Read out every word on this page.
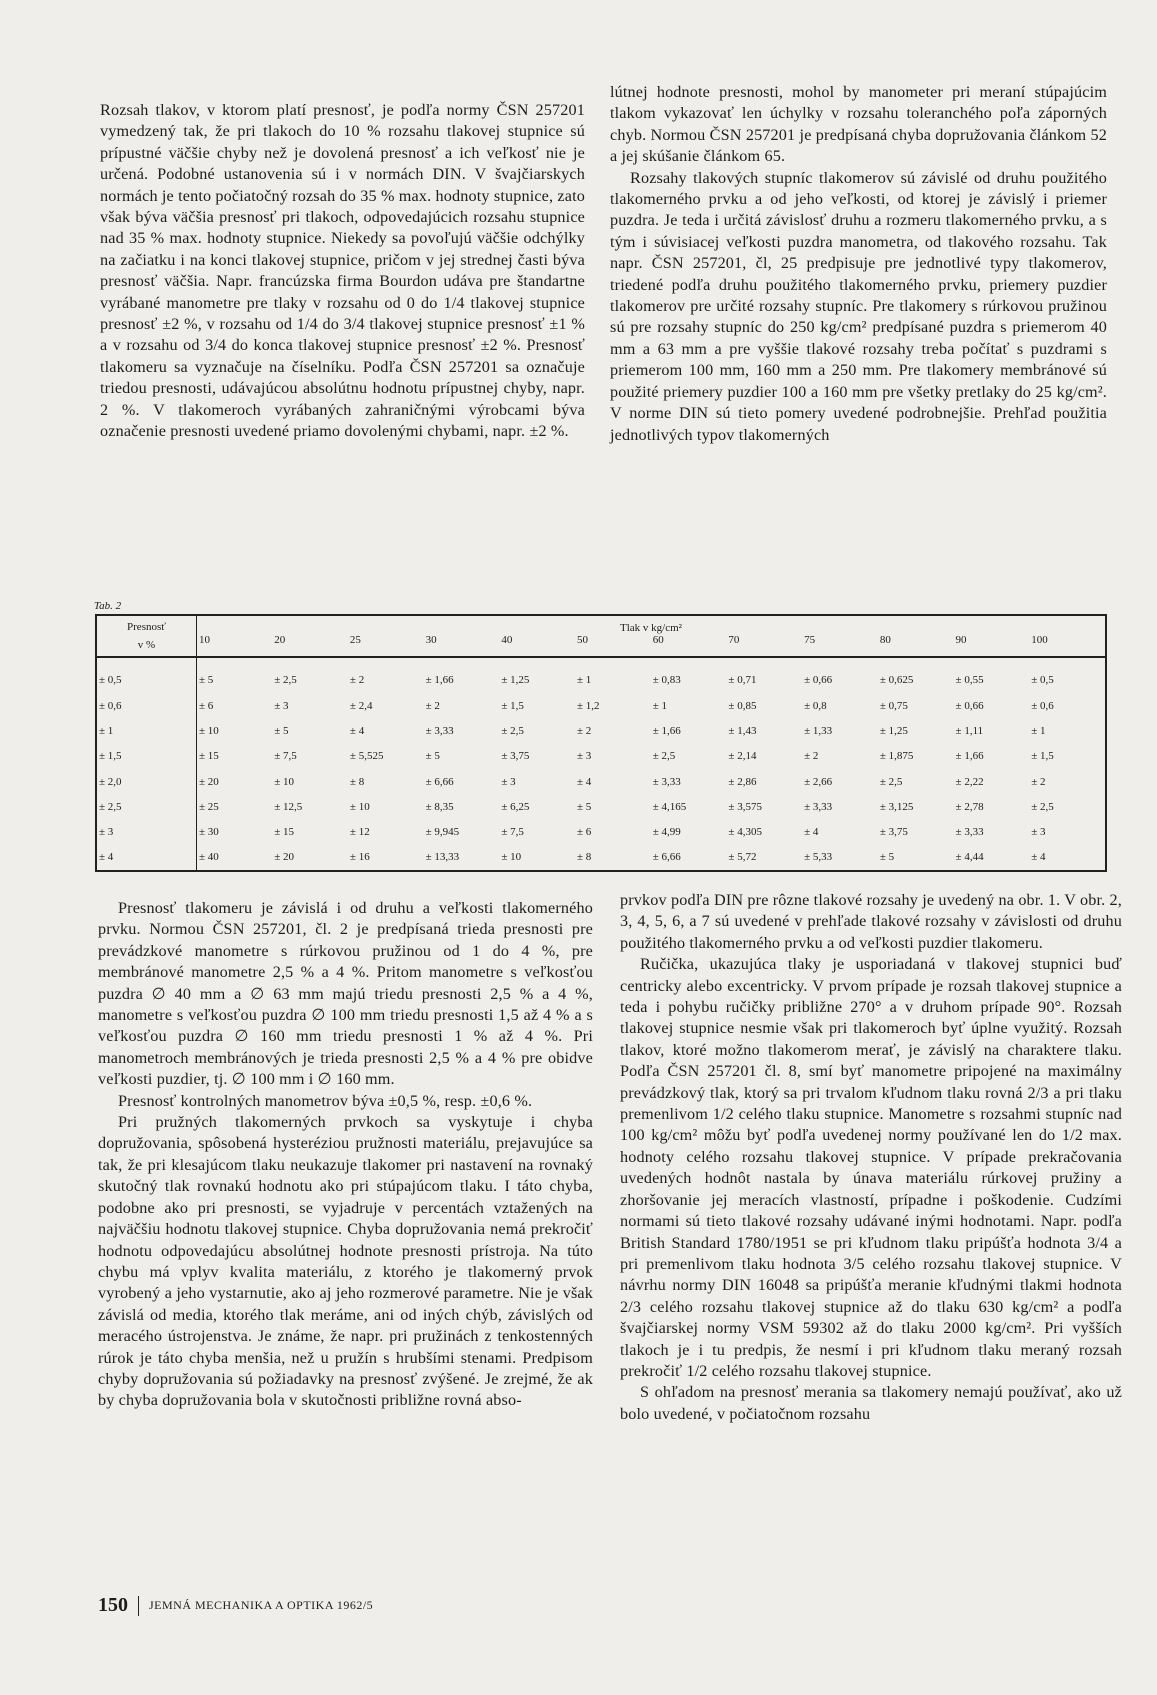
Rozsah tlakov, v ktorom platí presnosť, je podľa normy ČSN 257201 vymedzený tak, že pri tlakoch do 10 % rozsahu tlakovej stupnice sú prípustné väčšie chyby než je dovolená presnosť a ich veľkosť nie je určená. Podobné ustanovenia sú i v normách DIN. V švajčiarskych normách je tento počiatočný rozsah do 35 % max. hodnoty stupnice, zato však býva väčšia presnosť pri tlakoch, odpovedajúcich rozsahu stupnice nad 35 % max. hodnoty stupnice. Niekedy sa povoľujú väčšie odchýlky na začiatku i na konci tlakovej stupnice, pričom v jej strednej časti býva presnosť väčšia. Napr. francúzska firma Bourdon udáva pre štandartne vyrábané manometre pre tlaky v rozsahu od 0 do 1/4 tlakovej stupnice presnosť ±2 %, v rozsahu od 1/4 do 3/4 tlakovej stupnice presnosť ±1 % a v rozsahu od 3/4 do konca tlakovej stupnice presnosť ±2 %. Presnosť tlakomeru sa vyznačuje na číselníku. Podľa ČSN 257201 sa označuje triedou presnosti, udávajúcou absolútnu hodnotu prípustnej chyby, napr. 2 %. V tlakomeroch vyrábaných zahraničnými výrobcami býva označenie presnosti uvedené priamo dovolenými chybami, napr. ±2 %.

lútnej hodnote presnosti, mohol by manometer pri meraní stúpajúcim tlakom vykazovať len úchylky v rozsahu toleranchého poľa záporných chyb. Normou ČSN 257201 je predpísaná chyba dopružovania článkom 52 a jej skúšanie článkom 65.

Rozsahy tlakových stupníc tlakomerov sú závislé od druhu použitého tlakomerného prvku a od jeho veľkosti, od ktorej je závislý i priemer puzdra. Je teda i určitá závislosť druhu a rozmeru tlakomerného prvku, a s tým i súvisiacej veľkosti puzdra manometra, od tlakového rozsahu. Tak napr. ČSN 257201, čl, 25 predpisuje pre jednotlivé typy tlakomerov, triedené podľa druhu použitého tlakomerného prvku, priemery puzdier tlakomerov pre určité rozsahy stupníc. Pre tlakomery s rúrkovou pružinou sú pre rozsahy stupníc do 250 kg/cm² predpísané puzdra s priemerom 40 mm a 63 mm a pre vyššie tlakové rozsahy treba počítať s puzdrami s priemerom 100 mm, 160 mm a 250 mm. Pre tlakomery membránové sú použité priemery puzdier 100 a 160 mm pre všetky pretlaky do 25 kg/cm². V norme DIN sú tieto pomery uvedené podrobnejšie. Prehľad použitia jednotlivých typov tlakomerných

Tab. 2
Presnosť
v %	Tlak v kg/cm²											
	10	20	25	30	40	50	60	70	75	80	90	100
± 0,5	± 5	± 2,5	± 2	± 1,66	± 1,25	± 1	± 0,83	± 0,71	± 0,66	± 0,625	± 0,55	± 0,5
± 0,6	± 6	± 3	± 2,4	± 2	± 1,5	± 1,2	± 1	± 0,85	± 0,8	± 0,75	± 0,66	± 0,6
± 1	± 10	± 5	± 4	± 3,33	± 2,5	± 2	± 1,66	± 1,43	± 1,33	± 1,25	± 1,11	± 1
± 1,5	± 15	± 7,5	± 5,525	± 5	± 3,75	± 3	± 2,5	± 2,14	± 2	± 1,875	± 1,66	± 1,5
± 2,0	± 20	± 10	± 8	± 6,66	± 3	± 4	± 3,33	± 2,86	± 2,66	± 2,5	± 2,22	± 2
± 2,5	± 25	± 12,5	± 10	± 8,35	± 6,25	± 5	± 4,165	± 3,575	± 3,33	± 3,125	± 2,78	± 2,5
± 3	± 30	± 15	± 12	± 9,945	± 7,5	± 6	± 4,99	± 4,305	± 4	± 3,75	± 3,33	± 3
± 4	± 40	± 20	± 16	± 13,33	± 10	± 8	± 6,66	± 5,72	± 5,33	± 5	± 4,44	± 4

Presnosť tlakomeru je závislá i od druhu a veľkosti tlakomerného prvku. Normou ČSN 257201, čl. 2 je predpísaná trieda presnosti pre prevádzkové manometre s rúrkovou pružinou od 1 do 4 %, pre membránové manometre 2,5 % a 4 %. Pritom manometre s veľkosťou puzdra ∅ 40 mm a ∅ 63 mm majú triedu presnosti 2,5 % a 4 %, manometre s veľkosťou puzdra ∅ 100 mm triedu presnosti 1,5 až 4 % a s veľkosťou puzdra ∅ 160 mm triedu presnosti 1 % až 4 %. Pri manometroch membránových je trieda presnosti 2,5 % a 4 % pre obidve veľkosti puzdier, tj. ∅ 100 mm i ∅ 160 mm.

Presnosť kontrolných manometrov býva ±0,5 %, resp. ±0,6 %.

Pri pružných tlakomerných prvkoch sa vyskytuje i chyba dopružovania, spôsobená hysteréziou pružnosti materiálu, prejavujúce sa tak, že pri klesajúcom tlaku neukazuje tlakomer pri nastavení na rovnaký skutočný tlak rovnakú hodnotu ako pri stúpajúcom tlaku. I táto chyba, podobne ako pri presnosti, se vyjadruje v percentách vztažených na najväčšiu hodnotu tlakovej stupnice. Chyba dopružovania nemá prekročiť hodnotu odpovedajúcu absolútnej hodnote presnosti prístroja. Na túto chybu má vplyv kvalita materiálu, z ktorého je tlakomerný prvok vyrobený a jeho vystarnutie, ako aj jeho rozmerové parametre. Nie je však závislá od media, ktorého tlak meráme, ani od iných chýb, závislých od meracého ústrojenstva. Je známe, že napr. pri pružinách z tenkostenných rúrok je táto chyba menšia, než u pružín s hrubšími stenami. Predpisom chyby dopružovania sú požiadavky na presnosť zvýšené. Je zrejmé, že ak by chyba dopružovania bola v skutočnosti približne rovná abso-

prvkov podľa DIN pre rôzne tlakové rozsahy je uvedený na obr. 1. V obr. 2, 3, 4, 5, 6, a 7 sú uvedené v prehľade tlakové rozsahy v závislosti od druhu použitého tlakomerného prvku a od veľkosti puzdier tlakomeru.

Ručička, ukazujúca tlaky je usporiadaná v tlakovej stupnici buď centricky alebo excentricky. V prvom prípade je rozsah tlakovej stupnice a teda i pohybu ručičky približne 270° a v druhom prípade 90°. Rozsah tlakovej stupnice nesmie však pri tlakomeroch byť úplne využitý. Rozsah tlakov, ktoré možno tlakomerom merať, je závislý na charaktere tlaku. Podľa ČSN 257201 čl. 8, smí byť manometre pripojené na maximálny prevádzkový tlak, ktorý sa pri trvalom kľudnom tlaku rovná 2/3 a pri tlaku premenlivom 1/2 celého tlaku stupnice. Manometre s rozsahmi stupníc nad 100 kg/cm² môžu byť podľa uvedenej normy používané len do 1/2 max. hodnoty celého rozsahu tlakovej stupnice. V prípade prekračovania uvedených hodnôt nastala by únava materiálu rúrkovej pružiny a zhoršovanie jej meracích vlastností, prípadne i poškodenie. Cudzími normami sú tieto tlakové rozsahy udávané inými hodnotami. Napr. podľa British Standard 1780/1951 se pri kľudnom tlaku pripúšťa hodnota 3/4 a pri premenlivom tlaku hodnota 3/5 celého rozsahu tlakovej stupnice. V návrhu normy DIN 16048 sa pripúšťa meranie kľudnými tlakmi hodnota 2/3 celého rozsahu tlakovej stupnice až do tlaku 630 kg/cm² a podľa švajčiarskej normy VSM 59302 až do tlaku 2000 kg/cm². Pri vyšších tlakoch je i tu predpis, že nesmí i pri kľudnom tlaku meraný rozsah prekročiť 1/2 celého rozsahu tlakovej stupnice.

S ohľadom na presnosť merania sa tlakomery nemajú používať, ako už bolo uvedené, v počiatočnom rozsahu

150 JEMNÁ MECHANIKA A OPTIKA 1962/5
